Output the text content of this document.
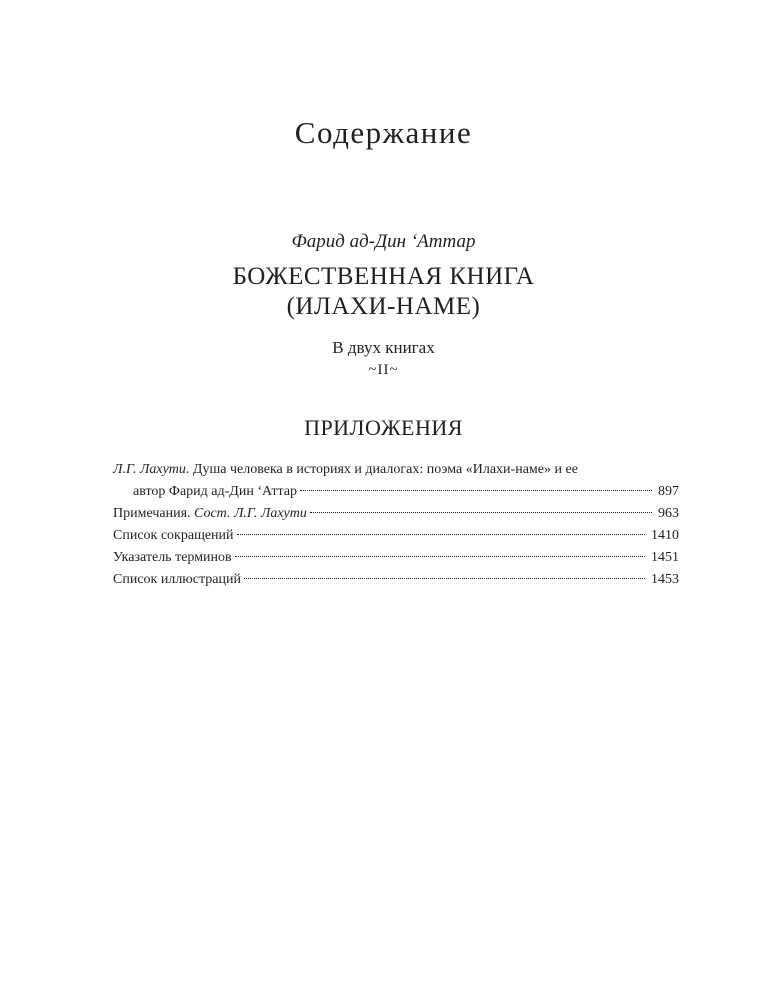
Содержание
Фарид ад-Дин ‘Аттар
БОЖЕСТВЕННАЯ КНИГА
(ИЛАХИ-НАМЕ)
В двух книгах
~II~
ПРИЛОЖЕНИЯ
Л.Г. Лахути. Душа человека в историях и диалогах: поэма «Илахи-наме» и ее
автор Фарид ад-Дин ‘Аттар	897
Примечания. Сост. Л.Г. Лахути	963
Список сокращений	1410
Указатель терминов	1451
Список иллюстраций	1453
